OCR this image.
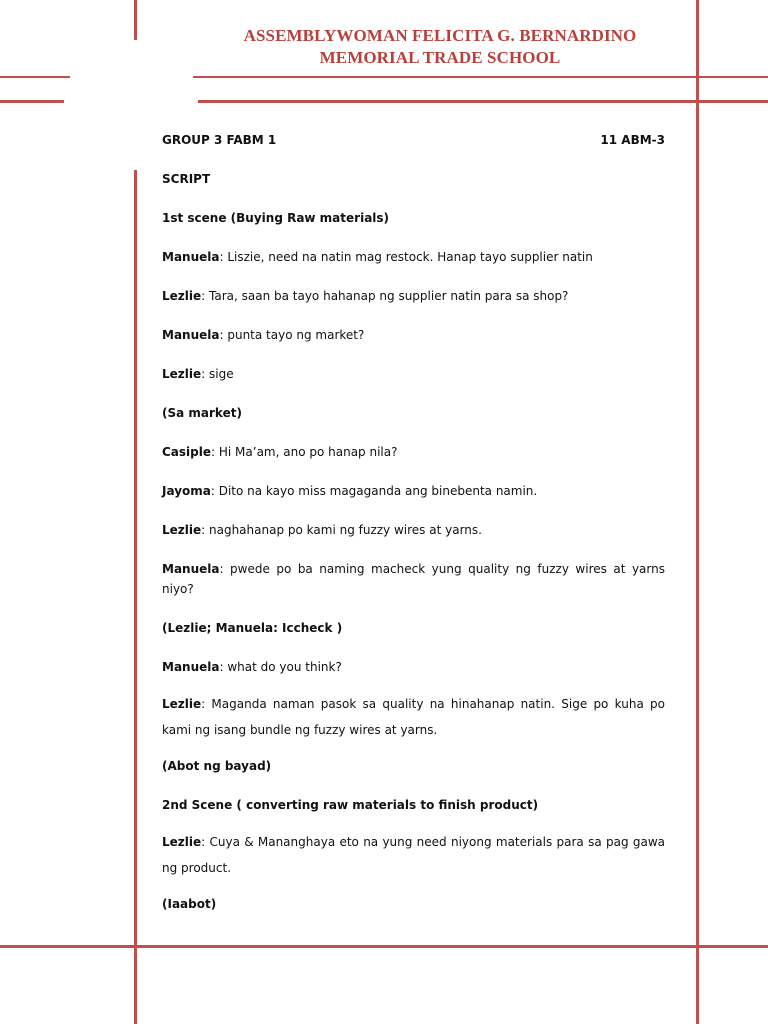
ASSEMBLYWOMAN FELICITA G. BERNARDINO
MEMORIAL TRADE SCHOOL
GROUP 3 FABM 1	11 ABM-3

SCRIPT

1st scene (Buying Raw materials)

Manuela: Liszie, need na natin mag restock. Hanap tayo supplier natin

Lezlie: Tara, saan ba tayo hahanap ng supplier natin para sa shop?

Manuela: punta tayo ng market?

Lezlie: sige

(Sa market)

Casiple: Hi Ma’am, ano po hanap nila?

Jayoma: Dito na kayo miss magaganda ang binebenta namin.

Lezlie: naghahanap po kami ng fuzzy wires at yarns.

Manuela: pwede po ba naming macheck yung quality ng fuzzy wires at yarns niyo?

(Lezlie; Manuela: Iccheck )

Manuela: what do you think?

Lezlie: Maganda naman pasok sa quality na hinahanap natin. Sige po kuha po kami ng isang bundle ng fuzzy wires at yarns.

(Abot ng bayad)

2nd Scene ( converting raw materials to finish product)

Lezlie: Cuya & Mananghaya eto na yung need niyong materials para sa pag gawa ng product.

(Iaabot)
